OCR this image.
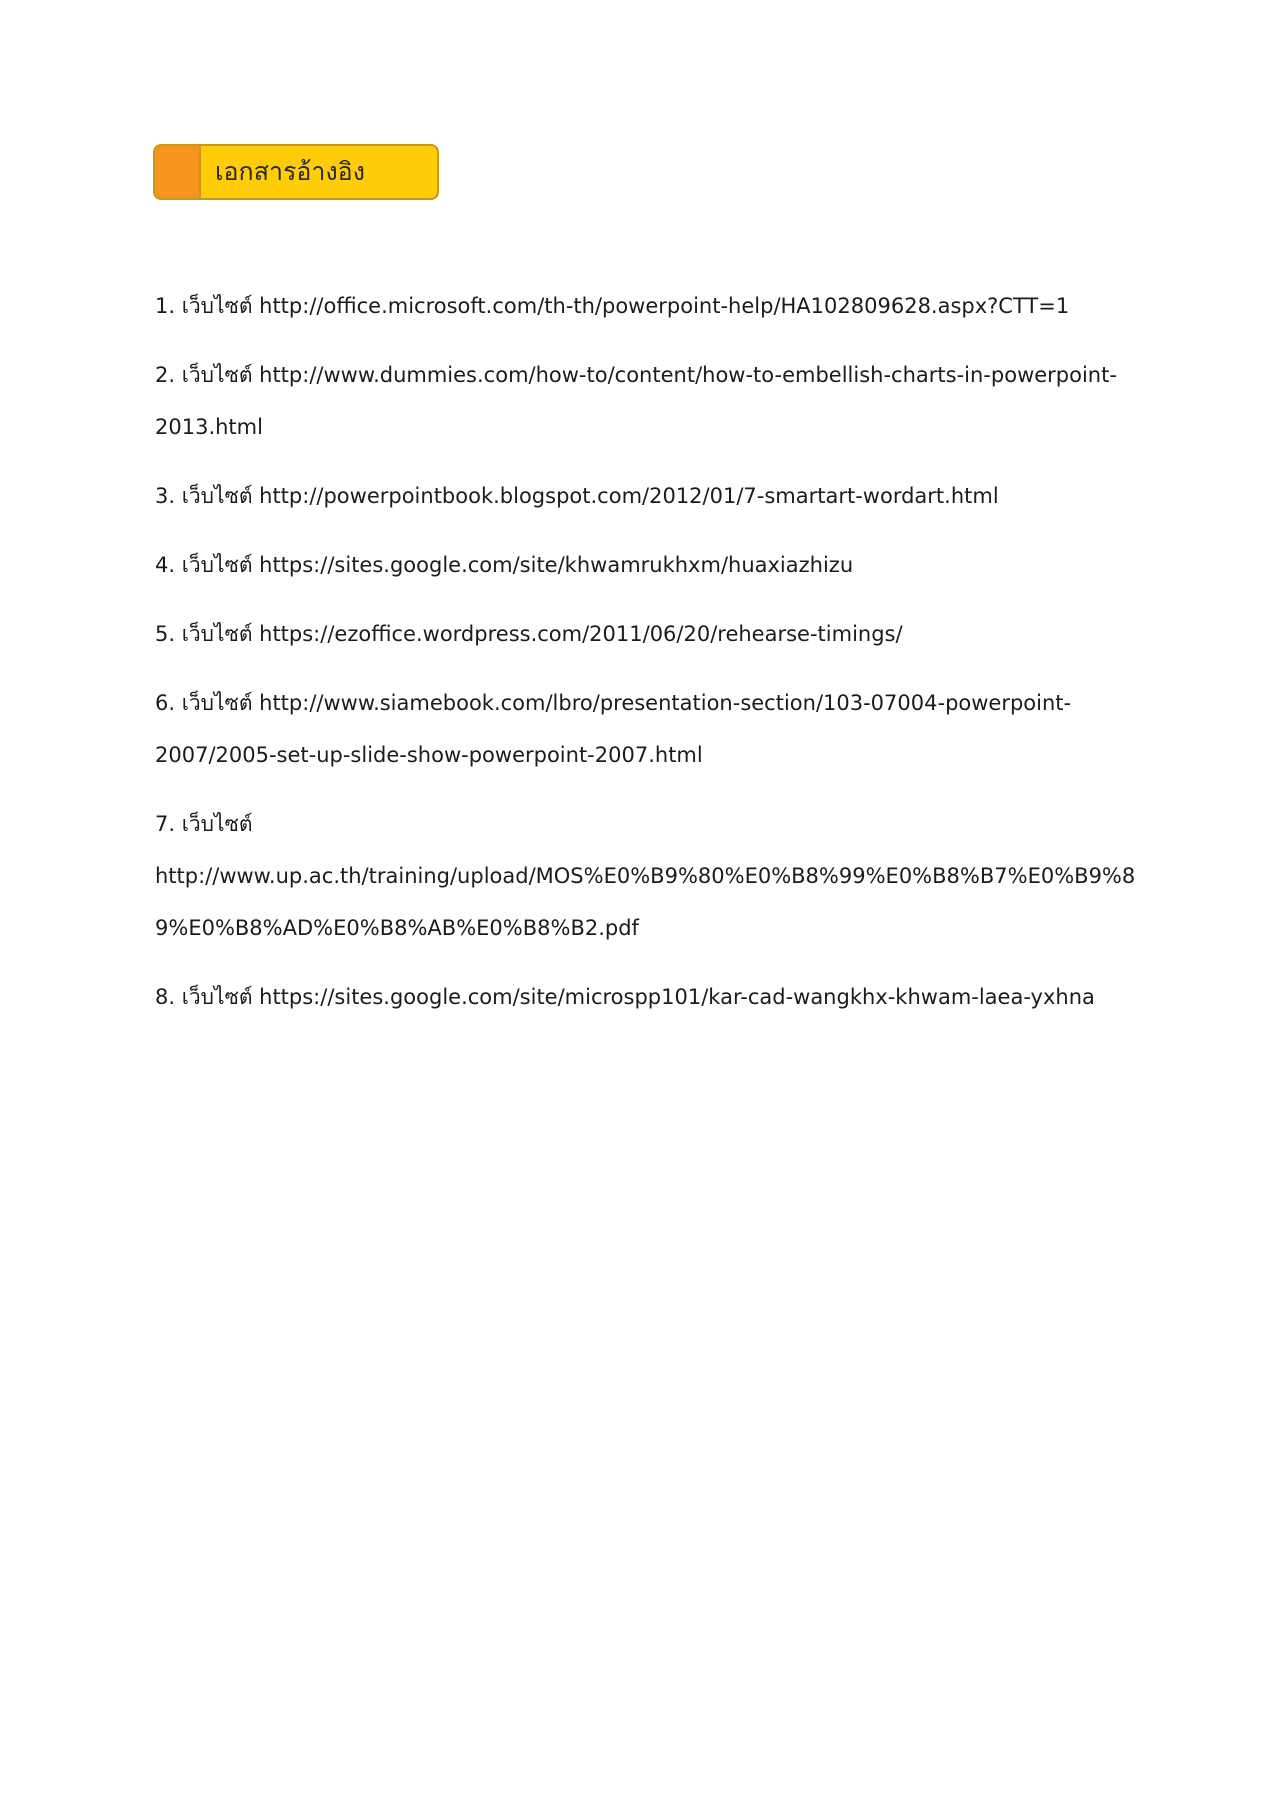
เอกสารอ้างอิง
1. เว็บไซต์ http://office.microsoft.com/th-th/powerpoint-help/HA102809628.aspx?CTT=1
2. เว็บไซต์ http://www.dummies.com/how-to/content/how-to-embellish-charts-in-powerpoint-
2013.html
3. เว็บไซต์ http://powerpointbook.blogspot.com/2012/01/7-smartart-wordart.html
4. เว็บไซต์ https://sites.google.com/site/khwamrukhxm/huaxiazhizu
5. เว็บไซต์ https://ezoffice.wordpress.com/2011/06/20/rehearse-timings/
6. เว็บไซต์ http://www.siamebook.com/lbro/presentation-section/103-07004-powerpoint-
2007/2005-set-up-slide-show-powerpoint-2007.html
7. เว็บไซต์
http://www.up.ac.th/training/upload/MOS%E0%B9%80%E0%B8%99%E0%B8%B7%E0%B9%8
9%E0%B8%AD%E0%B8%AB%E0%B8%B2.pdf
8. เว็บไซต์ https://sites.google.com/site/microspp101/kar-cad-wangkhx-khwam-laea-yxhna
